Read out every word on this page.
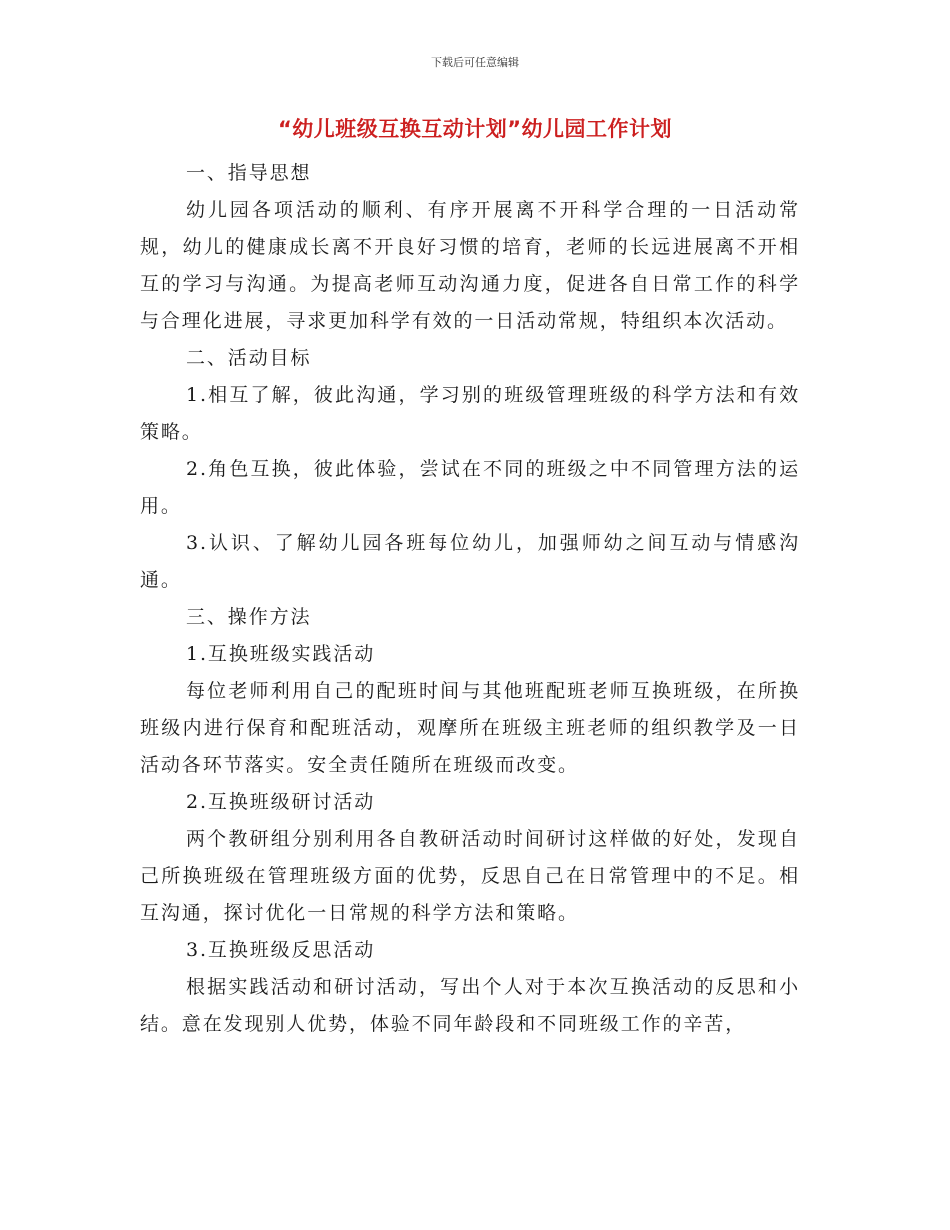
下载后可任意编辑
“幼儿班级互换互动计划”幼儿园工作计划

一、指导思想

幼儿园各项活动的顺利、有序开展离不开科学合理的一日活动常规，幼儿的健康成长离不开良好习惯的培育，老师的长远进展离不开相互的学习与沟通。为提高老师互动沟通力度，促进各自日常工作的科学与合理化进展，寻求更加科学有效的一日活动常规，特组织本次活动。

二、活动目标

1.相互了解，彼此沟通，学习别的班级管理班级的科学方法和有效策略。

2.角色互换，彼此体验，尝试在不同的班级之中不同管理方法的运用。

3.认识、了解幼儿园各班每位幼儿，加强师幼之间互动与情感沟通。

三、操作方法

1.互换班级实践活动

每位老师利用自己的配班时间与其他班配班老师互换班级，在所换班级内进行保育和配班活动，观摩所在班级主班老师的组织教学及一日活动各环节落实。安全责任随所在班级而改变。

2.互换班级研讨活动

两个教研组分别利用各自教研活动时间研讨这样做的好处，发现自己所换班级在管理班级方面的优势，反思自己在日常管理中的不足。相互沟通，探讨优化一日常规的科学方法和策略。

3.互换班级反思活动

根据实践活动和研讨活动，写出个人对于本次互换活动的反思和小结。意在发现别人优势，体验不同年龄段和不同班级工作的辛苦，
